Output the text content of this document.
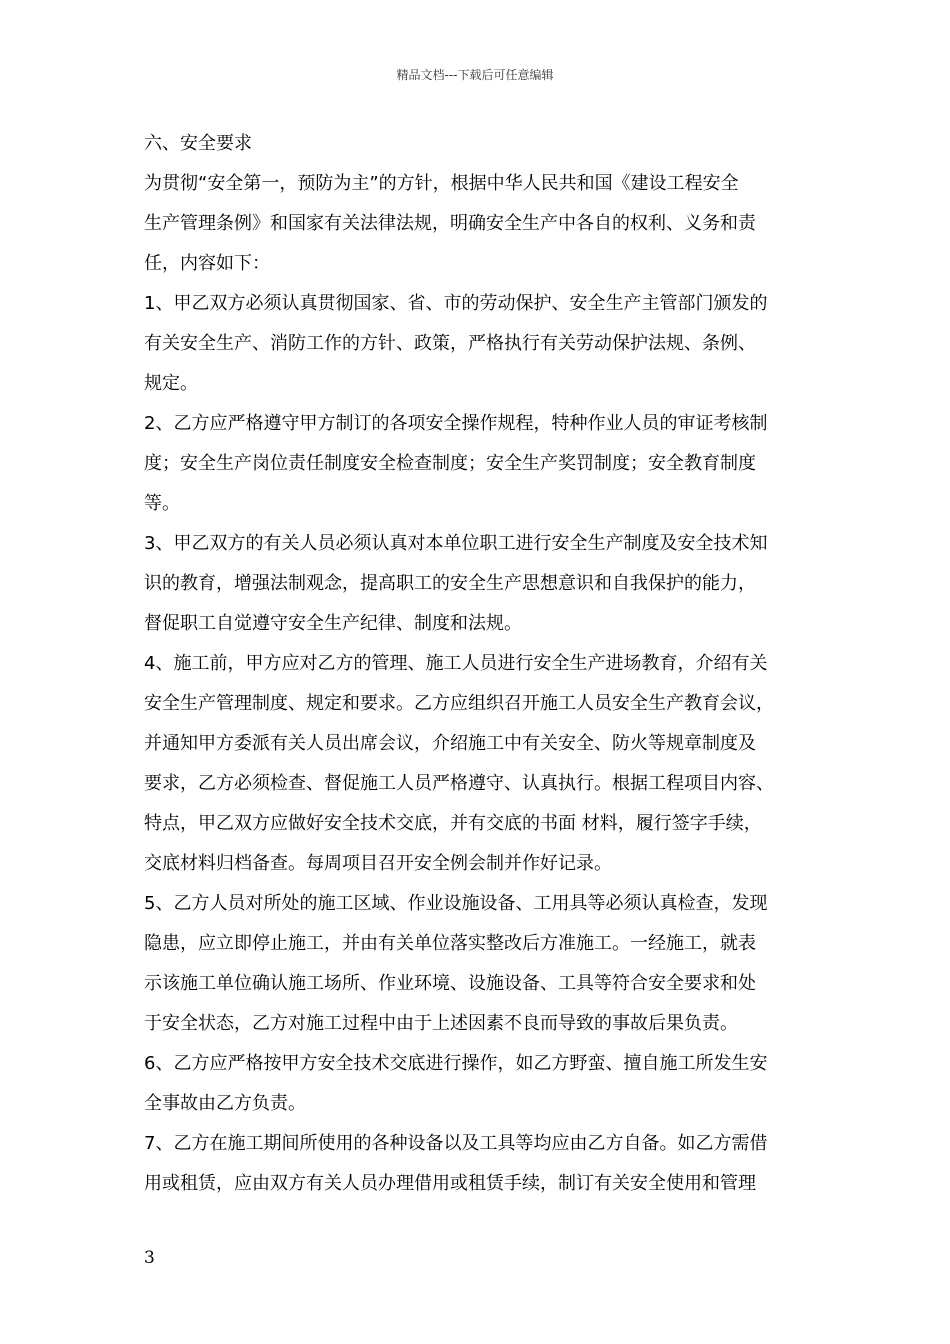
精品文档---下载后可任意编辑
六、安全要求
为贯彻“安全第一，预防为主”的方针，根据中华人民共和国《建设工程安全
生产管理条例》和国家有关法律法规，明确安全生产中各自的权利、义务和责
任，内容如下：
1、甲乙双方必须认真贯彻国家、省、市的劳动保护、安全生产主管部门颁发的
有关安全生产、消防工作的方针、政策，严格执行有关劳动保护法规、条例、
规定。
2、乙方应严格遵守甲方制订的各项安全操作规程，特种作业人员的审证考核制
度；安全生产岗位责任制度安全检查制度；安全生产奖罚制度；安全教育制度
等。
3、甲乙双方的有关人员必须认真对本单位职工进行安全生产制度及安全技术知
识的教育，增强法制观念，提高职工的安全生产思想意识和自我保护的能力，
督促职工自觉遵守安全生产纪律、制度和法规。
4、施工前，甲方应对乙方的管理、施工人员进行安全生产进场教育，介绍有关
安全生产管理制度、规定和要求。乙方应组织召开施工人员安全生产教育会议，
并通知甲方委派有关人员出席会议，介绍施工中有关安全、防火等规章制度及
要求，乙方必须检查、督促施工人员严格遵守、认真执行。根据工程项目内容、
特点，甲乙双方应做好安全技术交底，并有交底的书面 材料，履行签字手续，
交底材料归档备查。每周项目召开安全例会制并作好记录。
5、乙方人员对所处的施工区域、作业设施设备、工用具等必须认真检查，发现
隐患，应立即停止施工，并由有关单位落实整改后方准施工。一经施工，就表
示该施工单位确认施工场所、作业环境、设施设备、工具等符合安全要求和处
于安全状态，乙方对施工过程中由于上述因素不良而导致的事故后果负责。
6、乙方应严格按甲方安全技术交底进行操作，如乙方野蛮、擅自施工所发生安
全事故由乙方负责。
7、乙方在施工期间所使用的各种设备以及工具等均应由乙方自备。如乙方需借
用或租赁，应由双方有关人员办理借用或租赁手续，制订有关安全使用和管理
3
